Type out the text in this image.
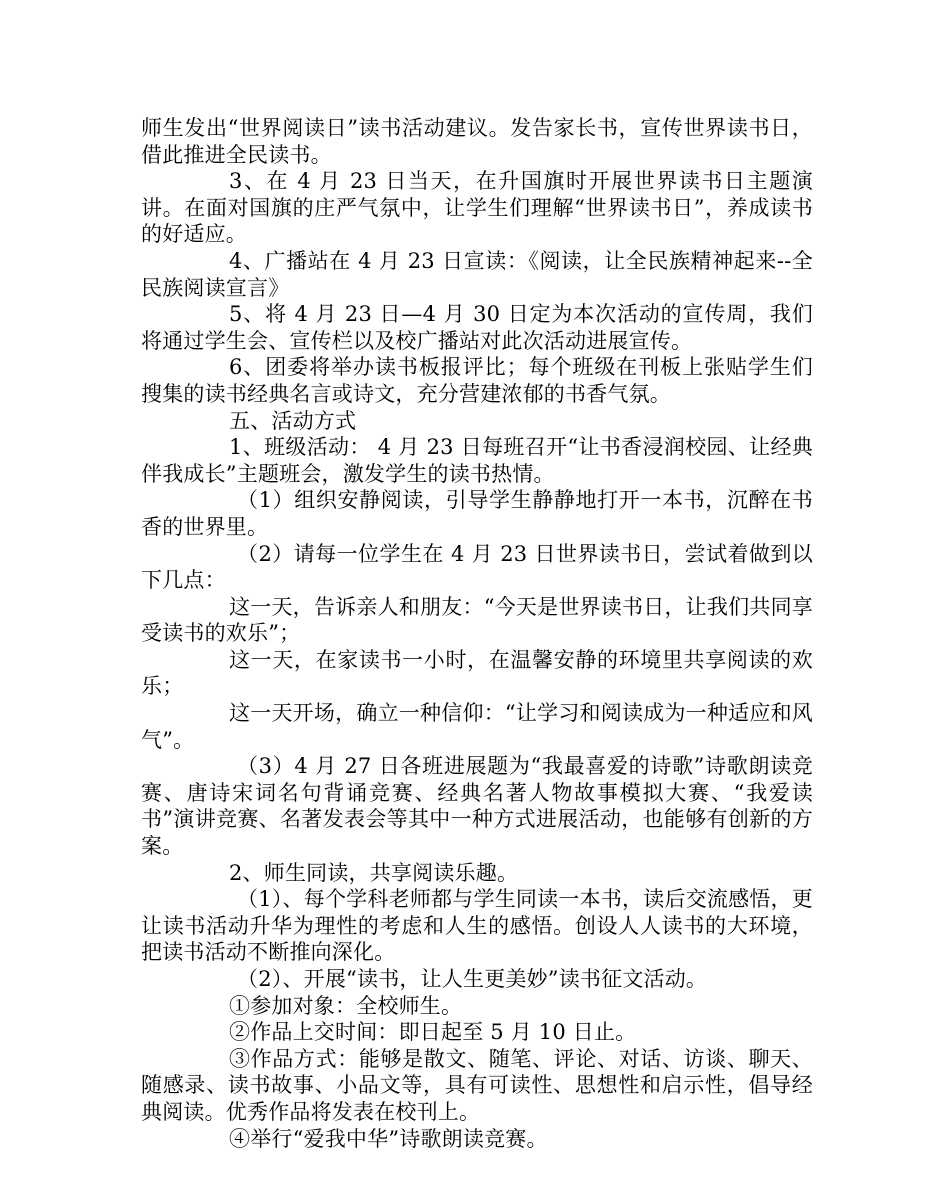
师生发出“世界阅读日”读书活动建议。发告家长书，宣传世界读书日，借此推进全民读书。

3、在 4 月 23 日当天，在升国旗时开展世界读书日主题演讲。在面对国旗的庄严气氛中，让学生们理解“世界读书日”，养成读书的好适应。

4、广播站在 4 月 23 日宣读：《阅读，让全民族精神起来--全民族阅读宣言》

5、将 4 月 23 日—4 月 30 日定为本次活动的宣传周，我们将通过学生会、宣传栏以及校广播站对此次活动进展宣传。

6、团委将举办读书板报评比；每个班级在刊板上张贴学生们搜集的读书经典名言或诗文，充分营建浓郁的书香气氛。

五、活动方式

1、班级活动： 4 月 23 日每班召开“让书香浸润校园、让经典伴我成长”主题班会，激发学生的读书热情。

（1）组织安静阅读，引导学生静静地打开一本书，沉醉在书香的世界里。

（2）请每一位学生在 4 月 23 日世界读书日，尝试着做到以下几点：

这一天，告诉亲人和朋友：“今天是世界读书日，让我们共同享受读书的欢乐”；

这一天，在家读书一小时，在温馨安静的环境里共享阅读的欢乐；

这一天开场，确立一种信仰：“让学习和阅读成为一种适应和风气”。

（3）4 月 27 日各班进展题为“我最喜爱的诗歌”诗歌朗读竞赛、唐诗宋词名句背诵竞赛、经典名著人物故事模拟大赛、“我爱读书”演讲竞赛、名著发表会等其中一种方式进展活动，也能够有创新的方案。

2、师生同读，共享阅读乐趣。

（1）、每个学科老师都与学生同读一本书，读后交流感悟，更让读书活动升华为理性的考虑和人生的感悟。创设人人读书的大环境，把读书活动不断推向深化。

（2）、开展“读书，让人生更美妙”读书征文活动。

①参加对象：全校师生。

②作品上交时间：即日起至 5 月 10 日止。

③作品方式：能够是散文、随笔、评论、对话、访谈、聊天、随感录、读书故事、小品文等，具有可读性、思想性和启示性，倡导经典阅读。优秀作品将发表在校刊上。

④举行“爱我中华”诗歌朗读竞赛。
